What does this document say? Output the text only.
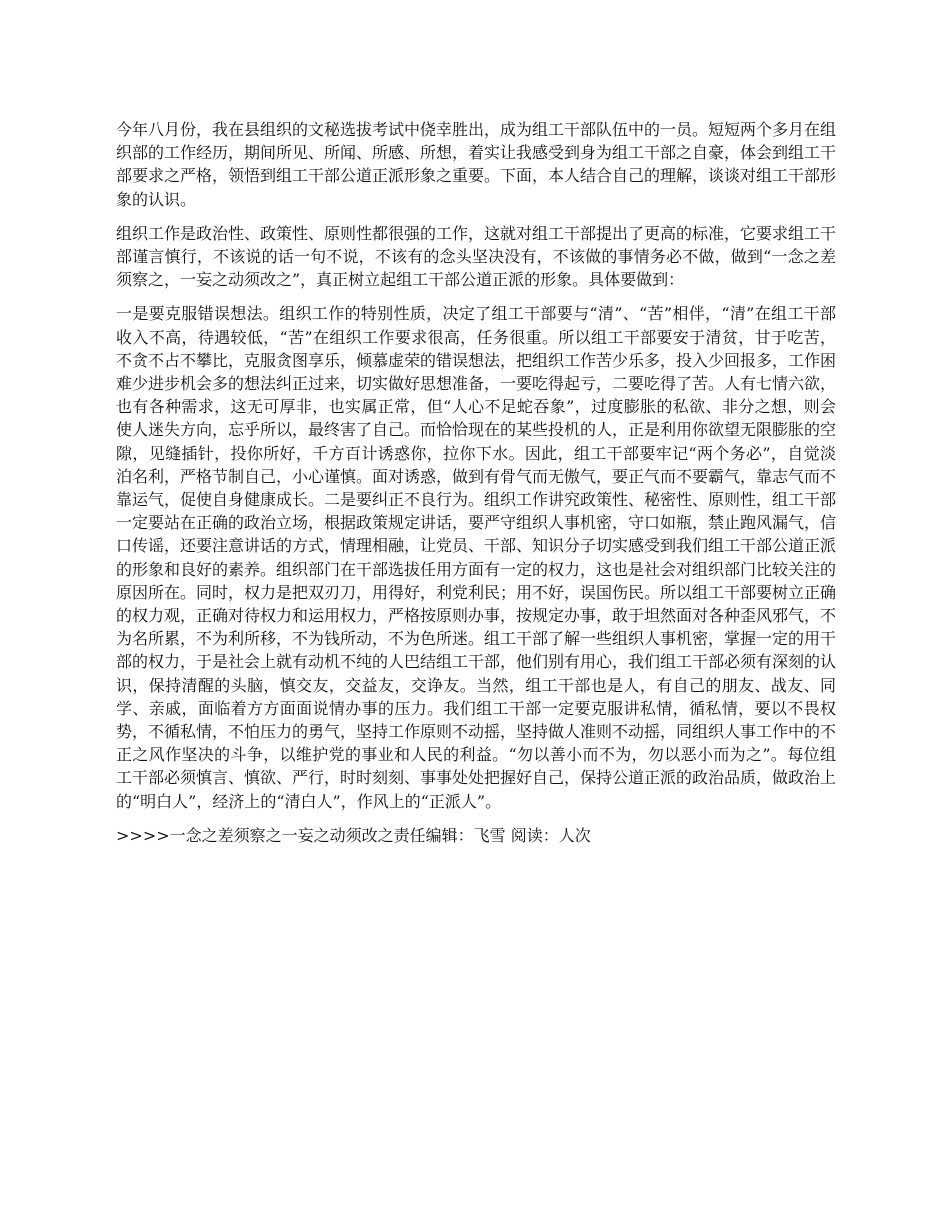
今年八月份，我在县组织的文秘选拔考试中侥幸胜出，成为组工干部队伍中的一员。短短两个多月在组织部的工作经历，期间所见、所闻、所感、所想，着实让我感受到身为组工干部之自豪，体会到组工干部要求之严格，领悟到组工干部公道正派形象之重要。下面，本人结合自己的理解，谈谈对组工干部形象的认识。

组织工作是政治性、政策性、原则性都很强的工作，这就对组工干部提出了更高的标准，它要求组工干部谨言慎行，不该说的话一句不说，不该有的念头坚决没有，不该做的事情务必不做，做到“一念之差须察之，一妄之动须改之”，真正树立起组工干部公道正派的形象。具体要做到：

一是要克服错误想法。组织工作的特别性质，决定了组工干部要与“清”、“苦”相伴，“清”在组工干部收入不高，待遇较低，“苦”在组织工作要求很高，任务很重。所以组工干部要安于清贫，甘于吃苦，不贪不占不攀比，克服贪图享乐，倾慕虚荣的错误想法，把组织工作苦少乐多，投入少回报多，工作困难少进步机会多的想法纠正过来，切实做好思想准备，一要吃得起亏，二要吃得了苦。人有七情六欲，也有各种需求，这无可厚非，也实属正常，但“人心不足蛇吞象”，过度膨胀的私欲、非分之想，则会使人迷失方向，忘乎所以，最终害了自己。而恰恰现在的某些投机的人，正是利用你欲望无限膨胀的空隙，见缝插针，投你所好，千方百计诱惑你，拉你下水。因此，组工干部要牢记“两个务必”，自觉淡泊名利，严格节制自己，小心谨慎。面对诱惑，做到有骨气而无傲气，要正气而不要霸气，靠志气而不靠运气，促使自身健康成长。二是要纠正不良行为。组织工作讲究政策性、秘密性、原则性，组工干部一定要站在正确的政治立场，根据政策规定讲话，要严守组织人事机密，守口如瓶，禁止跑风漏气，信口传谣，还要注意讲话的方式，情理相融，让党员、干部、知识分子切实感受到我们组工干部公道正派的形象和良好的素养。组织部门在干部选拔任用方面有一定的权力，这也是社会对组织部门比较关注的原因所在。同时，权力是把双刃刀，用得好，利党利民；用不好，误国伤民。所以组工干部要树立正确的权力观，正确对待权力和运用权力，严格按原则办事，按规定办事，敢于坦然面对各种歪风邪气，不为名所累，不为利所移，不为钱所动，不为色所迷。组工干部了解一些组织人事机密，掌握一定的用干部的权力，于是社会上就有动机不纯的人巴结组工干部，他们别有用心，我们组工干部必须有深刻的认识，保持清醒的头脑，慎交友，交益友，交诤友。当然，组工干部也是人，有自己的朋友、战友、同学、亲戚，面临着方方面面说情办事的压力。我们组工干部一定要克服讲私情，循私情，要以不畏权势，不循私情，不怕压力的勇气，坚持工作原则不动摇，坚持做人准则不动摇，同组织人事工作中的不正之风作坚决的斗争，以维护党的事业和人民的利益。“勿以善小而不为，勿以恶小而为之”。每位组工干部必须慎言、慎欲、严行，时时刻刻、事事处处把握好自己，保持公道正派的政治品质，做政治上的“明白人”，经济上的“清白人”，作风上的“正派人”。

>>>>一念之差须察之一妄之动须改之责任编辑：飞雪 阅读：人次
